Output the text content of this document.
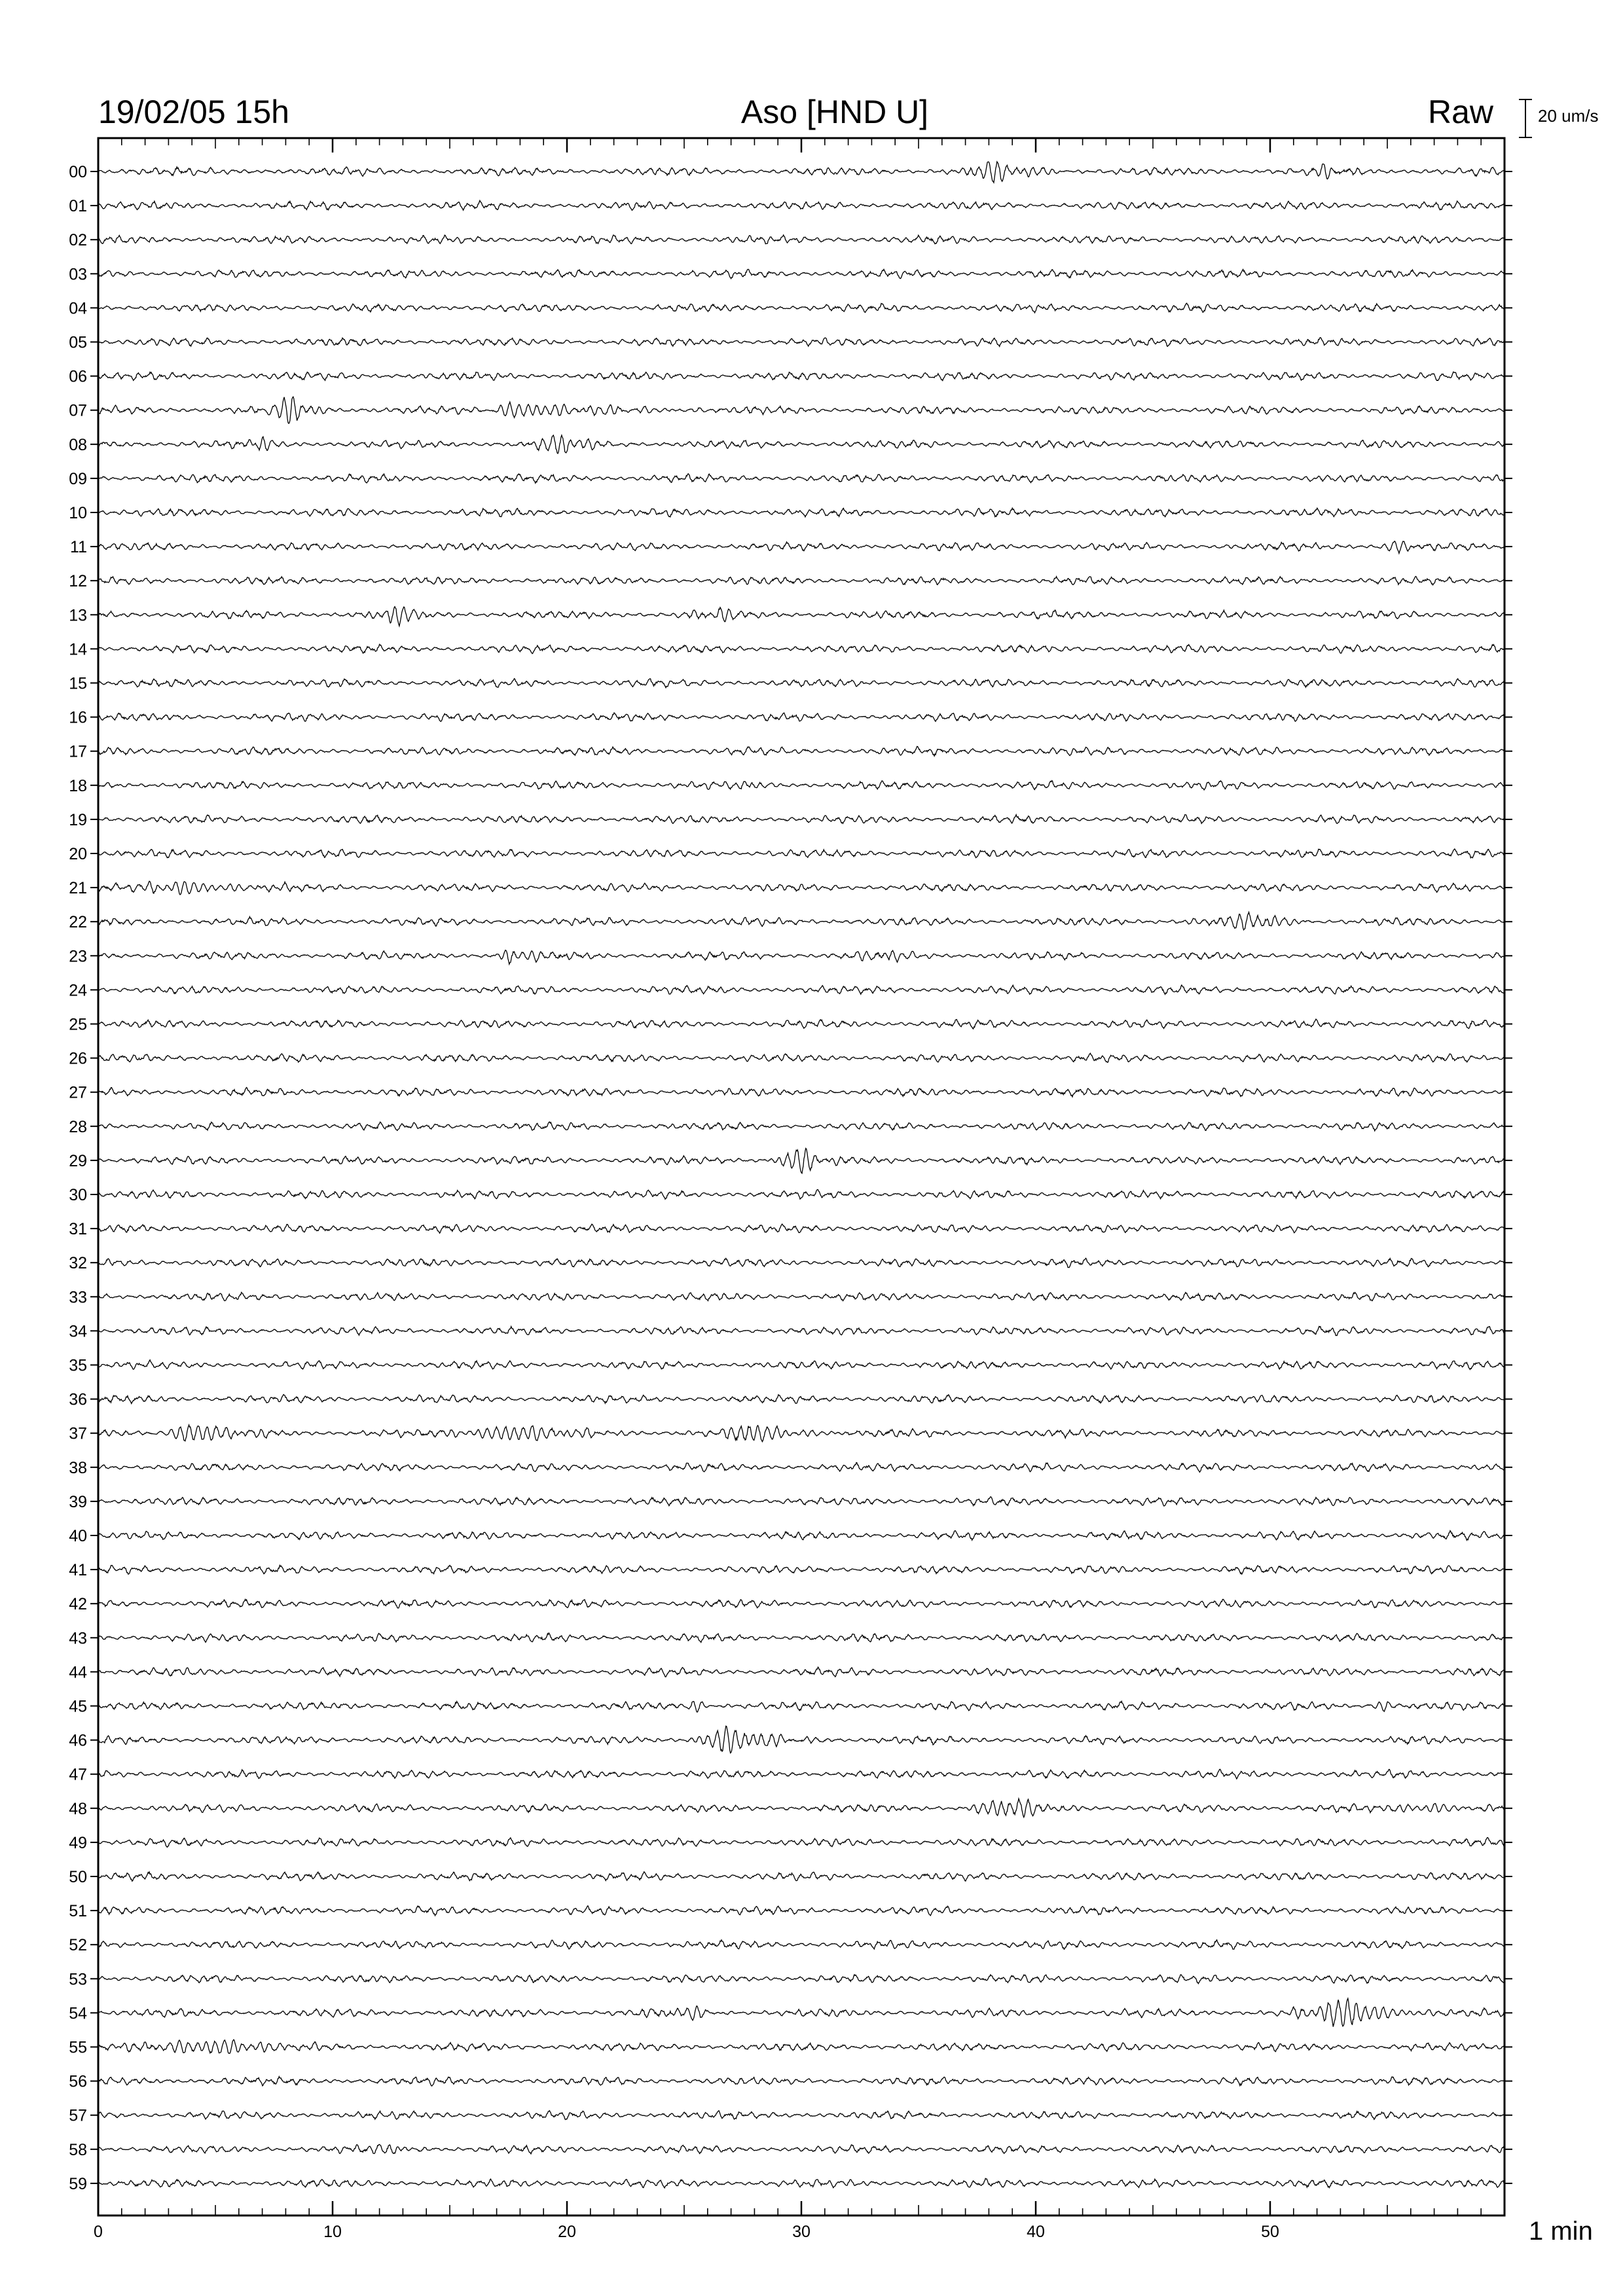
19/02/05 15h	Aso [HND U]	Raw	20 um/s
00
01
02
03
04
05
06
07
08
09
10
11
12
13
14
15
16
17
18
19
20
21
22
23
24
25
26
27
28
29
30
31
32
33
34
35
36
37
38
39
40
41
42
43
44
45
46
47
48
49
50
51
52
53
54
55
56
57
58
59
0	10	20	30	40	50	1 min
